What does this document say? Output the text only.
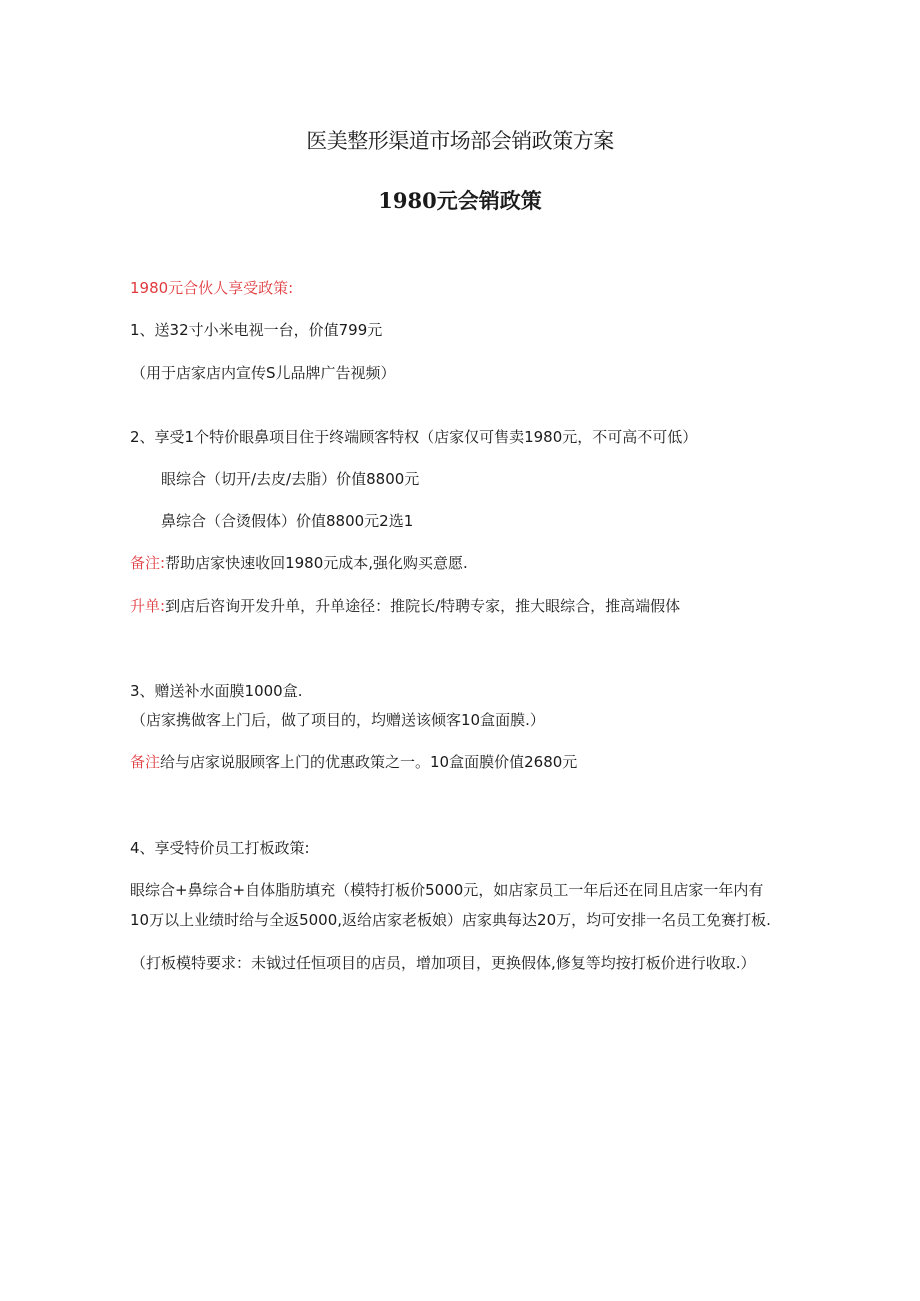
医美整形渠道市场部会销政策方案
1980元会销政策
1980元合伙人享受政策:
1、送32寸小米电视一台，价值799元
（用于店家店内宣传S儿品牌广告视频）
2、享受1个特价眼鼻项目住于终端顾客特权（店家仅可售卖1980元，不可高不可低）
眼综合（切开/去皮/去脂）价值8800元
鼻综合（合烫假体）价值8800元2选1
备注:帮助店家快速收回1980元成本,强化购买意愿.
升单:到店后咨询开发升单，升单途径：推院长/特聘专家，推大眼综合，推高端假体
3、赠送补水面膜1000盒.
（店家携做客上门后，做了项目的，均赠送该倾客10盒面膜.）
备注给与店家说服顾客上门的优惠政策之一。10盒面膜价值2680元
4、享受特价员工打板政策:
眼综合+鼻综合+自体脂肪填充（模特打板价5000元，如店家员工一年后还在同且店家一年内有
10万以上业绩时给与全返5000,返给店家老板娘）店家典每达20万，均可安排一名员工免赛打板.
（打板模特要求：未钺过任恒项目的店员，增加项目，更换假体,修复等均按打板价进行收取.）
